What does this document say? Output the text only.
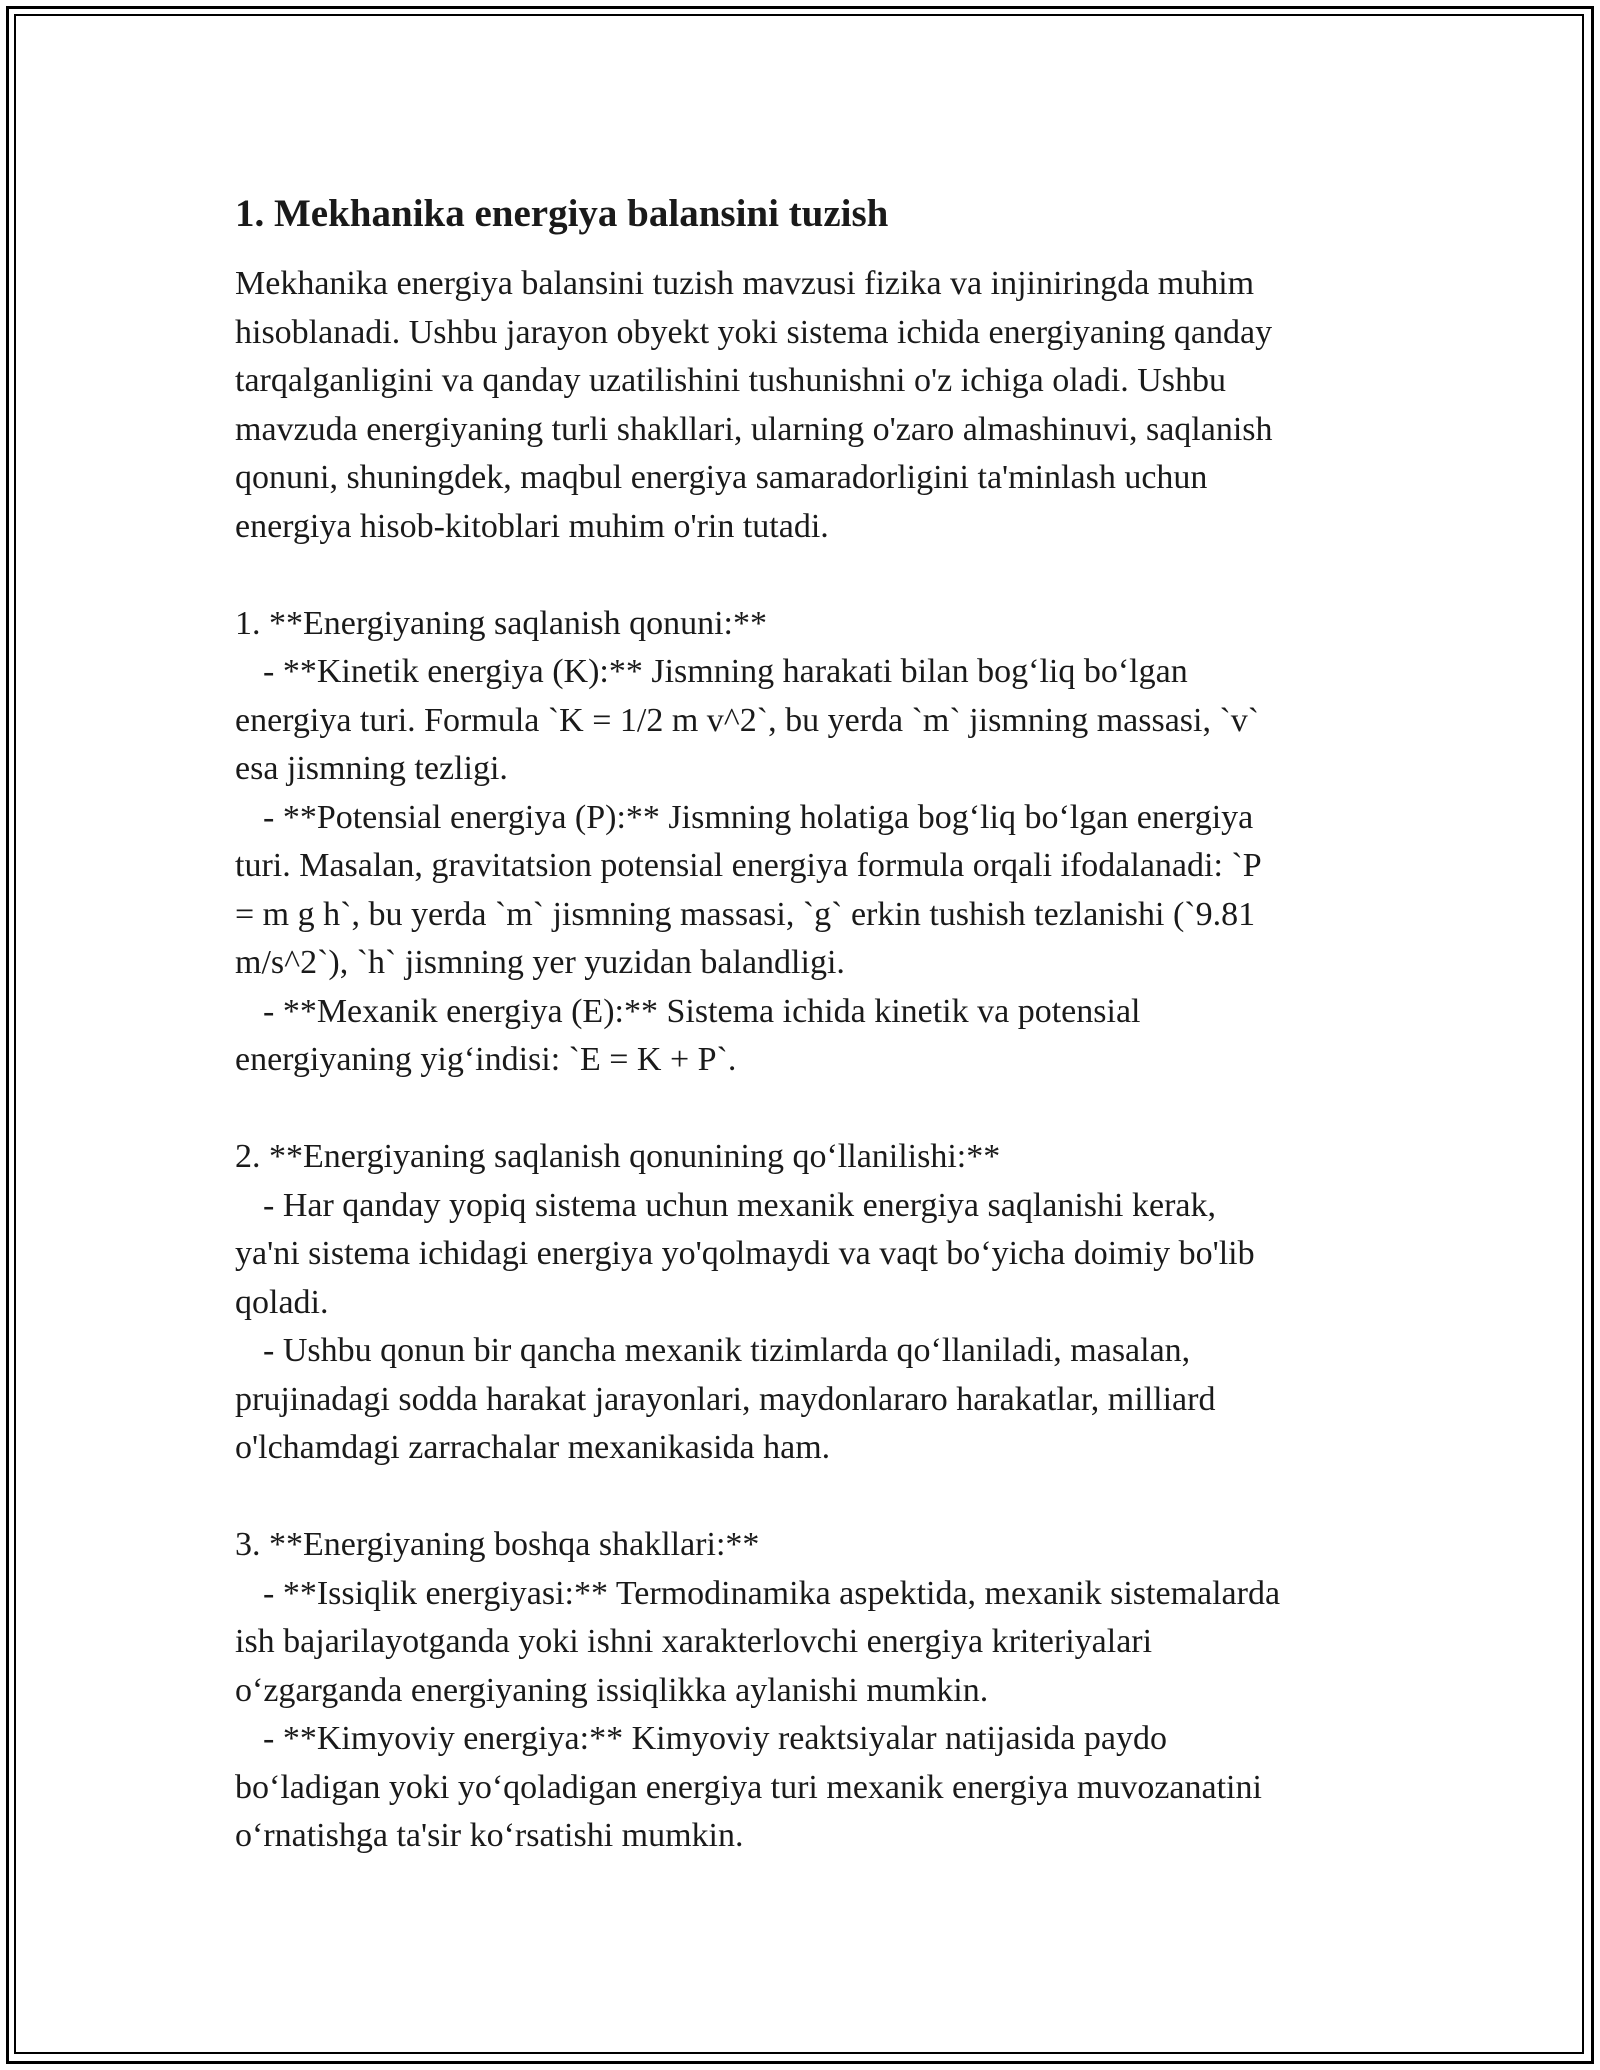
1. Mekhanika energiya balansini tuzish

Mekhanika energiya balansini tuzish mavzusi fizika va injiniringda muhim

hisoblanadi. Ushbu jarayon obyekt yoki sistema ichida energiyaning qanday

tarqalganligini va qanday uzatilishini tushunishni o'z ichiga oladi. Ushbu

mavzuda energiyaning turli shakllari, ularning o'zaro almashinuvi, saqlanish

qonuni, shuningdek, maqbul energiya samaradorligini ta'minlash uchun

energiya hisob-kitoblari muhim o'rin tutadi.

1. **Energiyaning saqlanish qonuni:**

- **Kinetik energiya (K):** Jismning harakati bilan bog‘liq bo‘lgan

energiya turi. Formula `K = 1/2 m v^2`, bu yerda `m` jismning massasi, `v`

esa jismning tezligi.

- **Potensial energiya (P):** Jismning holatiga bog‘liq bo‘lgan energiya

turi. Masalan, gravitatsion potensial energiya formula orqali ifodalanadi: `P

= m g h`, bu yerda `m` jismning massasi, `g` erkin tushish tezlanishi (`9.81

m/s^2`), `h` jismning yer yuzidan balandligi.

- **Mexanik energiya (E):** Sistema ichida kinetik va potensial

energiyaning yig‘indisi: `E = K + P`.

2. **Energiyaning saqlanish qonunining qo‘llanilishi:**

- Har qanday yopiq sistema uchun mexanik energiya saqlanishi kerak,

ya'ni sistema ichidagi energiya yo'qolmaydi va vaqt bo‘yicha doimiy bo'lib

qoladi.

- Ushbu qonun bir qancha mexanik tizimlarda qo‘llaniladi, masalan,

prujinadagi sodda harakat jarayonlari, maydonlararo harakatlar, milliard

o'lchamdagi zarrachalar mexanikasida ham.

3. **Energiyaning boshqa shakllari:**

- **Issiqlik energiyasi:** Termodinamika aspektida, mexanik sistemalarda

ish bajarilayotganda yoki ishni xarakterlovchi energiya kriteriyalari

o‘zgarganda energiyaning issiqlikka aylanishi mumkin.

- **Kimyoviy energiya:** Kimyoviy reaktsiyalar natijasida paydo

bo‘ladigan yoki yo‘qoladigan energiya turi mexanik energiya muvozanatini

o‘rnatishga ta'sir ko‘rsatishi mumkin.
